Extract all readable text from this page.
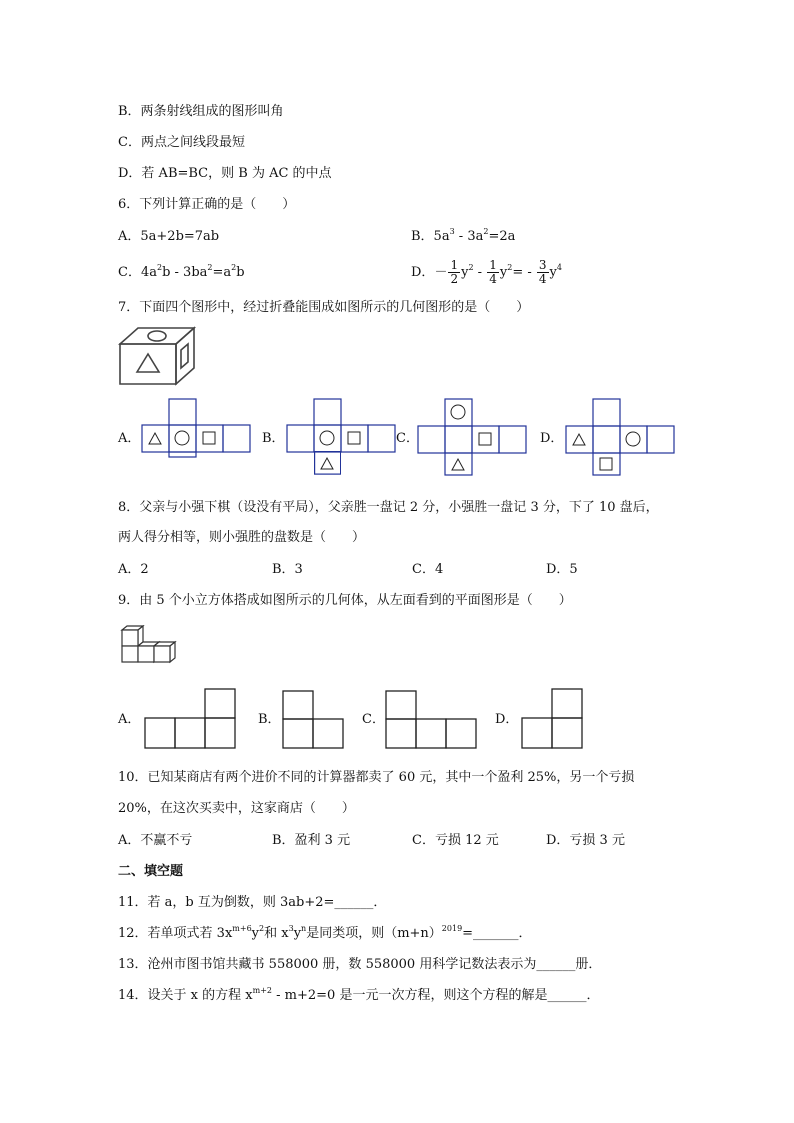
B．两条射线组成的图形叫角
C．两点之间线段最短
D．若 AB=BC，则 B 为 AC 的中点
6．下列计算正确的是（　　）
A．5a+2b=7ab	B．$5a^3 - 3a^2=2a$
C．$4a^2b - 3ba^2=a^2b$	D．－ $\frac{1}{2} y^2 - \frac{1}{4} y^2= - \frac{3}{4} y^4$
7．下面四个图形中，经过折叠能围成如图所示的几何图形的是（　　）
A．	B．	C．	D．
8．父亲与小强下棋（设没有平局），父亲胜一盘记 2 分，小强胜一盘记 3 分，下了 10 盘后，
两人得分相等，则小强胜的盘数是（　　）
A．2	B．3	C．4	D．5
9．由 5 个小立方体搭成如图所示的几何体，从左面看到的平面图形是（　　）
A．	B．	C．	D．
10．已知某商店有两个进价不同的计算器都卖了 60 元，其中一个盈利 25%，另一个亏损
20%，在这次买卖中，这家商店（　　）
A．不赢不亏	B．盈利 3 元	C．亏损 12 元	D．亏损 3 元
二、填空题
11．若 a，b 互为倒数，则 3ab+2=______．
12．若单项式若 $3x^{m+6}y^2$和 $x^3y^n$是同类项，则$(m+n)^{2019}=\_\_\_\_\_\_\_$．
13．沧州市图书馆共藏书 558000 册，数 558000 用科学记数法表示为______册．
14．设关于 x 的方程 $x^{m+2} - m+2=0$ 是一元一次方程，则这个方程的解是______．
